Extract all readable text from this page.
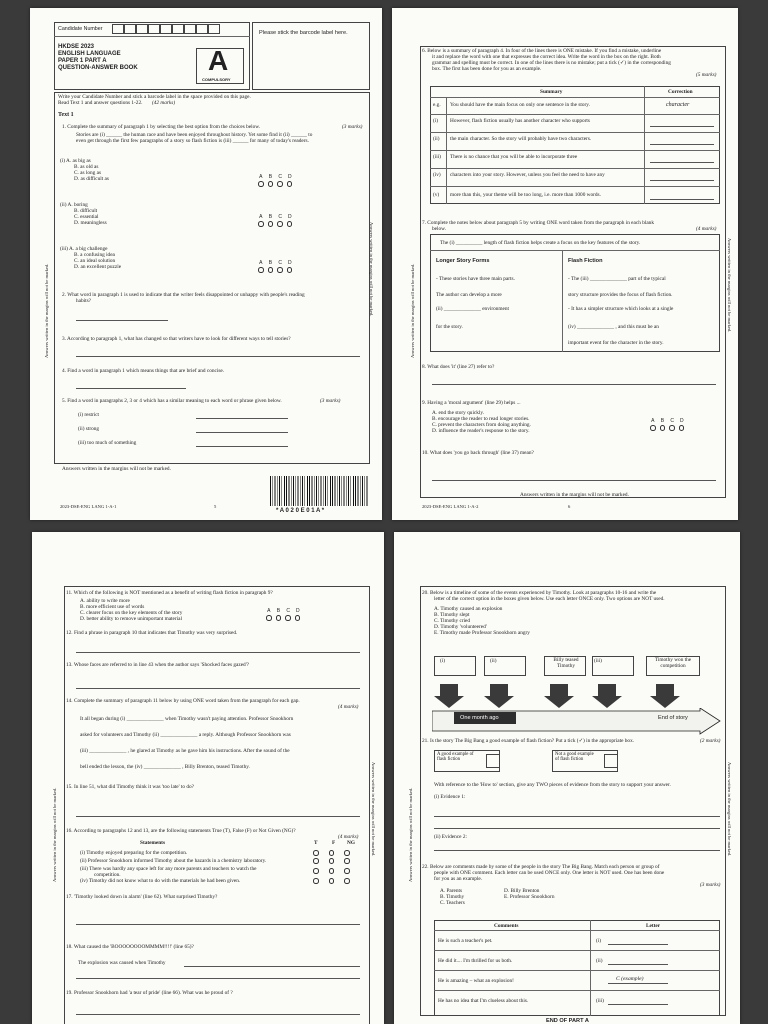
Candidate Number
HKDSE 2023
ENGLISH LANGUAGE
PAPER 1 PART A
QUESTION-ANSWER BOOK	A
COMPULSORY
Please stick the barcode label here.
Write your Candidate Number and stick a barcode label in the space provided on this page.
Read Text 1 and answer questions 1-22. (42 marks)
Text 1
1. Complete the summary of paragraph 1 by selecting the best option from the choices below.	(3 marks)
Stories are (i) ______ the human race and have been enjoyed throughout history. Yet some find it (ii) ______ to
even get through the first few paragraphs of a story so flash fiction is (iii) ______ for many of today's readers.
(i) A. as big as
B. as old as
C. as long as
D. as difficult as	A B C D
(ii) A. boring
B. difficult
C. essential
D. meaningless
A B C D
(iii) A. a big challenge
B. a confusing idea
C. an ideal solution
D. an excellent puzzle
A B C D
2. What word in paragraph 1 is used to indicate that the writer feels disappointed or unhappy with people's reading
habits?
3. According to paragraph 1, what has changed so that writers have to look for different ways to tell stories?
4. Find a word in paragraph 1 which means things that are brief and concise.
5. Find a word in paragraphs 2, 3 or 4 which has a similar meaning to each word or phrase given below.	(3 marks)
(i) restrict
(ii) strong
(iii) too much of something
Answers written in the margins will not be marked.
Answers written in the margins will not be marked.	Answers written in the margins will not be marked.
2023-DSE-ENG LANG 1-A-1	5
* A 0 2 0 E 0 1 A *
6. Below is a summary of paragraph 4. In four of the lines there is ONE mistake. If you find a mistake, underline
it and replace the word with one that expresses the correct idea. Write the word in the box on the right. Both
grammar and spelling must be correct. In one of the lines there is no mistake; put a tick (✓) in the corresponding
box. The first has been done for you as an example.
(5 marks)
Summary	Correction
e.g. You should have the main focus on only one sentence in the story.	character
(i) However, flash fiction usually has another character who supports
(ii) the main character. So the story will probably have two characters.
(iii) There is no chance that you will be able to incorporate three
(iv) characters into your story. However, unless you feel the need to have any
(v) more than this, your theme will be too long, i.e. more than 1000 words.
7. Complete the notes below about paragraph 5 by writing ONE word taken from the paragraph in each blank
below.	(4 marks)
The (i) __________ length of flash fiction helps create a focus on the key features of the story.
Longer Story Forms	Flash Fiction
- These stories have three main parts.
The author can develop a more
(ii) ______________ environment
for the story.
- The (iii) ______________ part of the typical
story structure provides the focus of flash fiction.
- It has a simpler structure which looks at a single
(iv) ______________ , and this must be an
important event for the character in the story.
8. What does 'it' (line 27) refer to?
9. Having a 'moral argument' (line 29) helps ...
A. end the story quickly.
B. encourage the reader to read longer stories.
C. prevent the characters from doing anything.
D. influence the reader's response to the story.
A B C D
10. What does 'you go back through' (line 37) mean?
Answers written in the margins will not be marked.
Answers written in the margins will not be marked.	Answers written in the margins will not be marked.
2023-DSE-ENG LANG 1-A-2	6
11. Which of the following is NOT mentioned as a benefit of writing flash fiction in paragraph 9?
A. ability to write more
B. more efficient use of words
C. clearer focus on the key elements of the story
D. better ability to remove unimportant material
A B C D
12. Find a phrase in paragraph 10 that indicates that Timothy was very surprised.
13. Whose faces are referred to in line 43 when the author says 'Shocked faces gazed'?
14. Complete the summary of paragraph 11 below by using ONE word taken from the paragraph for each gap.
(4 marks)
It all began during (i) ______________ when Timothy wasn't paying attention. Professor Snookhorn
asked for volunteers and Timothy (ii) ______________ a reply. Although Professor Snookhorn was
(iii) ______________ , he glared at Timothy as he gave him his instructions. After the sound of the
bell ended the lesson, the (iv) ______________ , Billy Brenton, teased Timothy.
15. In line 51, what did Timothy think it was 'too late' to do?
16. According to paragraphs 12 and 13, are the following statements True (T), False (F) or Not Given (NG)?
(4 marks)
Statements	T	F NG
(i) Timothy enjoyed preparing for the competition.
(ii) Professor Snookhorn informed Timothy about the hazards in a chemistry laboratory.
(iii) There was hardly any space left for any more parents and teachers to watch the
competition.
(iv) Timothy did not know what to do with the materials he had been given.
17. 'Timothy looked down in alarm' (line 62). What surprised Timothy?
18. What caused the 'BOOOOOOOOMMMM!!!!' (line 65)?
The explosion was caused when Timothy
19. Professor Snookhorn had 'a tear of pride' (line 66). What was he proud of ?
Answers written in the margins will not be marked.	Answers written in the margins will not be marked.
20. Below is a timeline of some of the events experienced by Timothy. Look at paragraphs 10-16 and write the
letter of the correct option in the boxes given below. Use each letter ONCE only. Two options are NOT used.
A. Timothy caused an explosion
B. Timothy slept
C. Timothy cried
D. Timothy 'volunteered'
E. Timothy made Professor Snookhorn angry
(i)	(ii)	Billy teased Timothy
(iii)	Timothy won the competition
One month ago	End of story
21. Is the story The Big Bang a good example of flash fiction? Put a tick (✓) in the appropriate box.	(2 marks)
A good example of flash fiction
Not a good example of flash fiction
With reference to the 'How to' section, give any TWO pieces of evidence from the story to support your answer.
(i) Evidence 1:
(ii) Evidence 2:
22. Below are comments made by some of the people in the story The Big Bang. Match each person or group of
people with ONE comment. Each letter can be used ONCE only. One letter is NOT used. One has been done
for you as an example.
(3 marks)
A. Parents
B. Timothy
C. Teachers
D. Billy Brenton
E. Professor Snookhorn
Comments	Letter
He is such a teacher's pet.	(i)
He did it.... I'm thrilled for us both.	(ii)
He is amazing – what an explosion!	C (example)
He has no idea that I'm clueless about this.	(iii)
END OF PART A
Answers written in the margins will not be marked.	Answers written in the margins will not be marked.
